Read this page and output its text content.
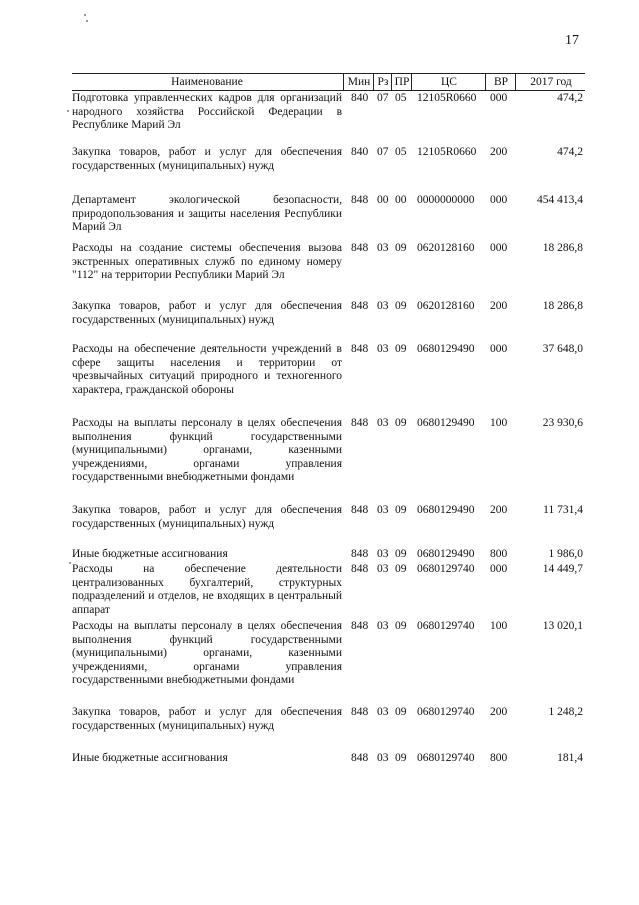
17
Наименование	Мин Рз ПР	ЦС	ВР	2017 год
Подготовка управленческих кадров для организаций народного хозяйства Российской Федерации в Республике Марий Эл
840 07 05 12105R0660 000	474,2
Закупка товаров, работ и услуг для обеспечения государственных (муниципальных) нужд
840 07 05 12105R0660 200	474,2
Департамент экологической безопасности, природопользования и защиты населения Республики Марий Эл
848 00 00 0000000000 000	454 413,4
Расходы на создание системы обеспечения вызова экстренных оперативных служб по единому номеру "112" на территории Республики Марий Эл
848 03 09 0620128160 000	18 286,8
Закупка товаров, работ и услуг для обеспечения государственных (муниципальных) нужд
848 03 09 0620128160 200	18 286,8
Расходы на обеспечение деятельности учреждений в сфере защиты населения и территории от чрезвычайных ситуаций природного и техногенного характера, гражданской обороны
848 03 09 0680129490 000	37 648,0
Расходы на выплаты персоналу в целях обеспечения выполнения функций государственными (муниципальными) органами, казенными учреждениями, органами управления государственными внебюджетными фондами
848 03 09 0680129490 100	23 930,6
Закупка товаров, работ и услуг для обеспечения государственных (муниципальных) нужд
848 03 09 0680129490 200	11 731,4
Иные бюджетные ассигнования	848 03 09 0680129490 800	1 986,0
Расходы на обеспечение деятельности централизованных бухгалтерий, структурных подразделений и отделов, не входящих в центральный аппарат
848 03 09 0680129740 000	14 449,7
Расходы на выплаты персоналу в целях обеспечения выполнения функций государственными (муниципальными) органами, казенными учреждениями, органами управления государственными внебюджетными фондами
848 03 09 0680129740 100	13 020,1
Закупка товаров, работ и услуг для обеспечения государственных (муниципальных) нужд
848 03 09 0680129740 200	1 248,2
Иные бюджетные ассигнования	848 03 09 0680129740 800	181,4
